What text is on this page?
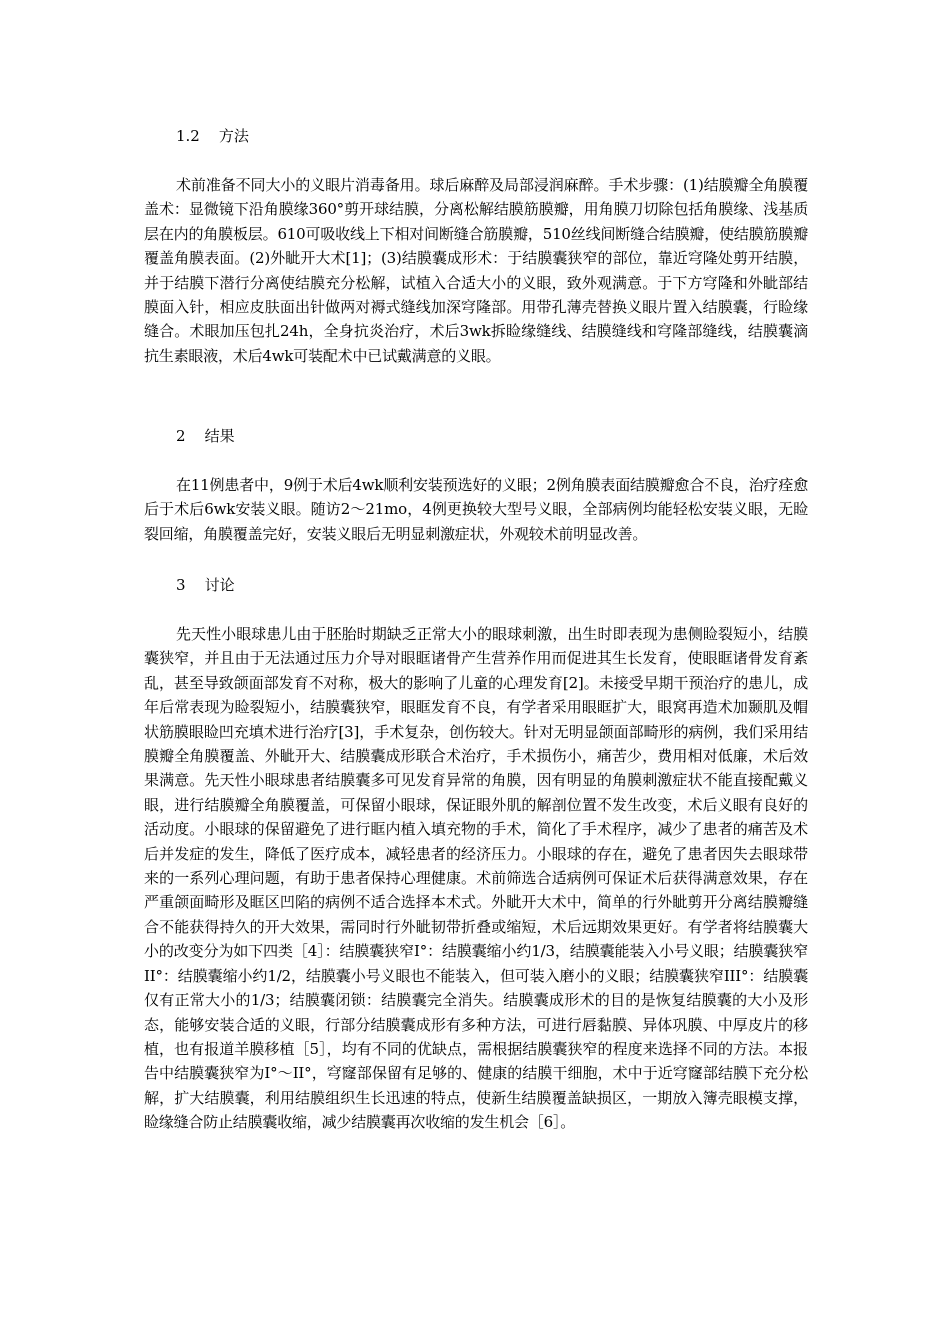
1.2    方法
术前准备不同大小的义眼片消毒备用。球后麻醉及局部浸润麻醉。手术步骤：(1)结膜瓣全角膜覆盖术：显微镜下沿角膜缘360°剪开球结膜，分离松解结膜筋膜瓣，用角膜刀切除包括角膜缘、浅基质层在内的角膜板层。610可吸收线上下相对间断缝合筋膜瓣，510丝线间断缝合结膜瓣，使结膜筋膜瓣覆盖角膜表面。(2)外眦开大术[1]；(3)结膜囊成形术：于结膜囊狭窄的部位，靠近穹隆处剪开结膜，并于结膜下潜行分离使结膜充分松解，试植入合适大小的义眼，致外观满意。于下方穹隆和外眦部结膜面入针，相应皮肤面出针做两对褥式缝线加深穹隆部。用带孔薄壳替换义眼片置入结膜囊，行睑缘缝合。术眼加压包扎24h，全身抗炎治疗，术后3wk拆睑缘缝线、结膜缝线和穹隆部缝线，结膜囊滴抗生素眼液，术后4wk可装配术中已试戴满意的义眼。
2    结果
在11例患者中，9例于术后4wk顺利安装预选好的义眼；2例角膜表面结膜瓣愈合不良，治疗痊愈后于术后6wk安装义眼。随访2～21mo，4例更换较大型号义眼，全部病例均能轻松安装义眼，无睑裂回缩，角膜覆盖完好，安装义眼后无明显刺激症状，外观较术前明显改善。
3    讨论
先天性小眼球患儿由于胚胎时期缺乏正常大小的眼球刺激，出生时即表现为患侧睑裂短小，结膜囊狭窄，并且由于无法通过压力介导对眼眶诸骨产生营养作用而促进其生长发育，使眼眶诸骨发育紊乱，甚至导致颌面部发育不对称，极大的影响了儿童的心理发育[2]。未接受早期干预治疗的患儿，成年后常表现为睑裂短小，结膜囊狭窄，眼眶发育不良，有学者采用眼眶扩大，眼窝再造术加颞肌及帽状筋膜眼睑凹充填术进行治疗[3]，手术复杂，创伤较大。针对无明显颌面部畸形的病例，我们采用结膜瓣全角膜覆盖、外眦开大、结膜囊成形联合术治疗，手术损伤小，痛苦少，费用相对低廉，术后效果满意。先天性小眼球患者结膜囊多可见发育异常的角膜，因有明显的角膜刺激症状不能直接配戴义眼，进行结膜瓣全角膜覆盖，可保留小眼球，保证眼外肌的解剖位置不发生改变，术后义眼有良好的活动度。小眼球的保留避免了进行眶内植入填充物的手术，简化了手术程序，减少了患者的痛苦及术后并发症的发生，降低了医疗成本，减轻患者的经济压力。小眼球的存在，避免了患者因失去眼球带来的一系列心理问题，有助于患者保持心理健康。术前筛选合适病例可保证术后获得满意效果，存在严重颌面畸形及眶区凹陷的病例不适合选择本术式。外眦开大术中，简单的行外眦剪开分离结膜瓣缝合不能获得持久的开大效果，需同时行外眦韧带折叠或缩短，术后远期效果更好。有学者将结膜囊大小的改变分为如下四类［4］：结膜囊狭窄I°：结膜囊缩小约1/3，结膜囊能装入小号义眼；结膜囊狭窄II°：结膜囊缩小约1/2，结膜囊小号义眼也不能装入，但可装入磨小的义眼；结膜囊狭窄III°：结膜囊仅有正常大小的1/3；结膜囊闭锁：结膜囊完全消失。结膜囊成形术的目的是恢复结膜囊的大小及形态，能够安装合适的义眼，行部分结膜囊成形有多种方法，可进行唇黏膜、异体巩膜、中厚皮片的移植，也有报道羊膜移植［5］，均有不同的优缺点，需根据结膜囊狭窄的程度来选择不同的方法。本报告中结膜囊狭窄为I°～II°，穹窿部保留有足够的、健康的结膜干细胞，术中于近穹窿部结膜下充分松解，扩大结膜囊，利用结膜组织生长迅速的特点，使新生结膜覆盖缺损区，一期放入簿壳眼模支撑，睑缘缝合防止结膜囊收缩，减少结膜囊再次收缩的发生机会［6］。
